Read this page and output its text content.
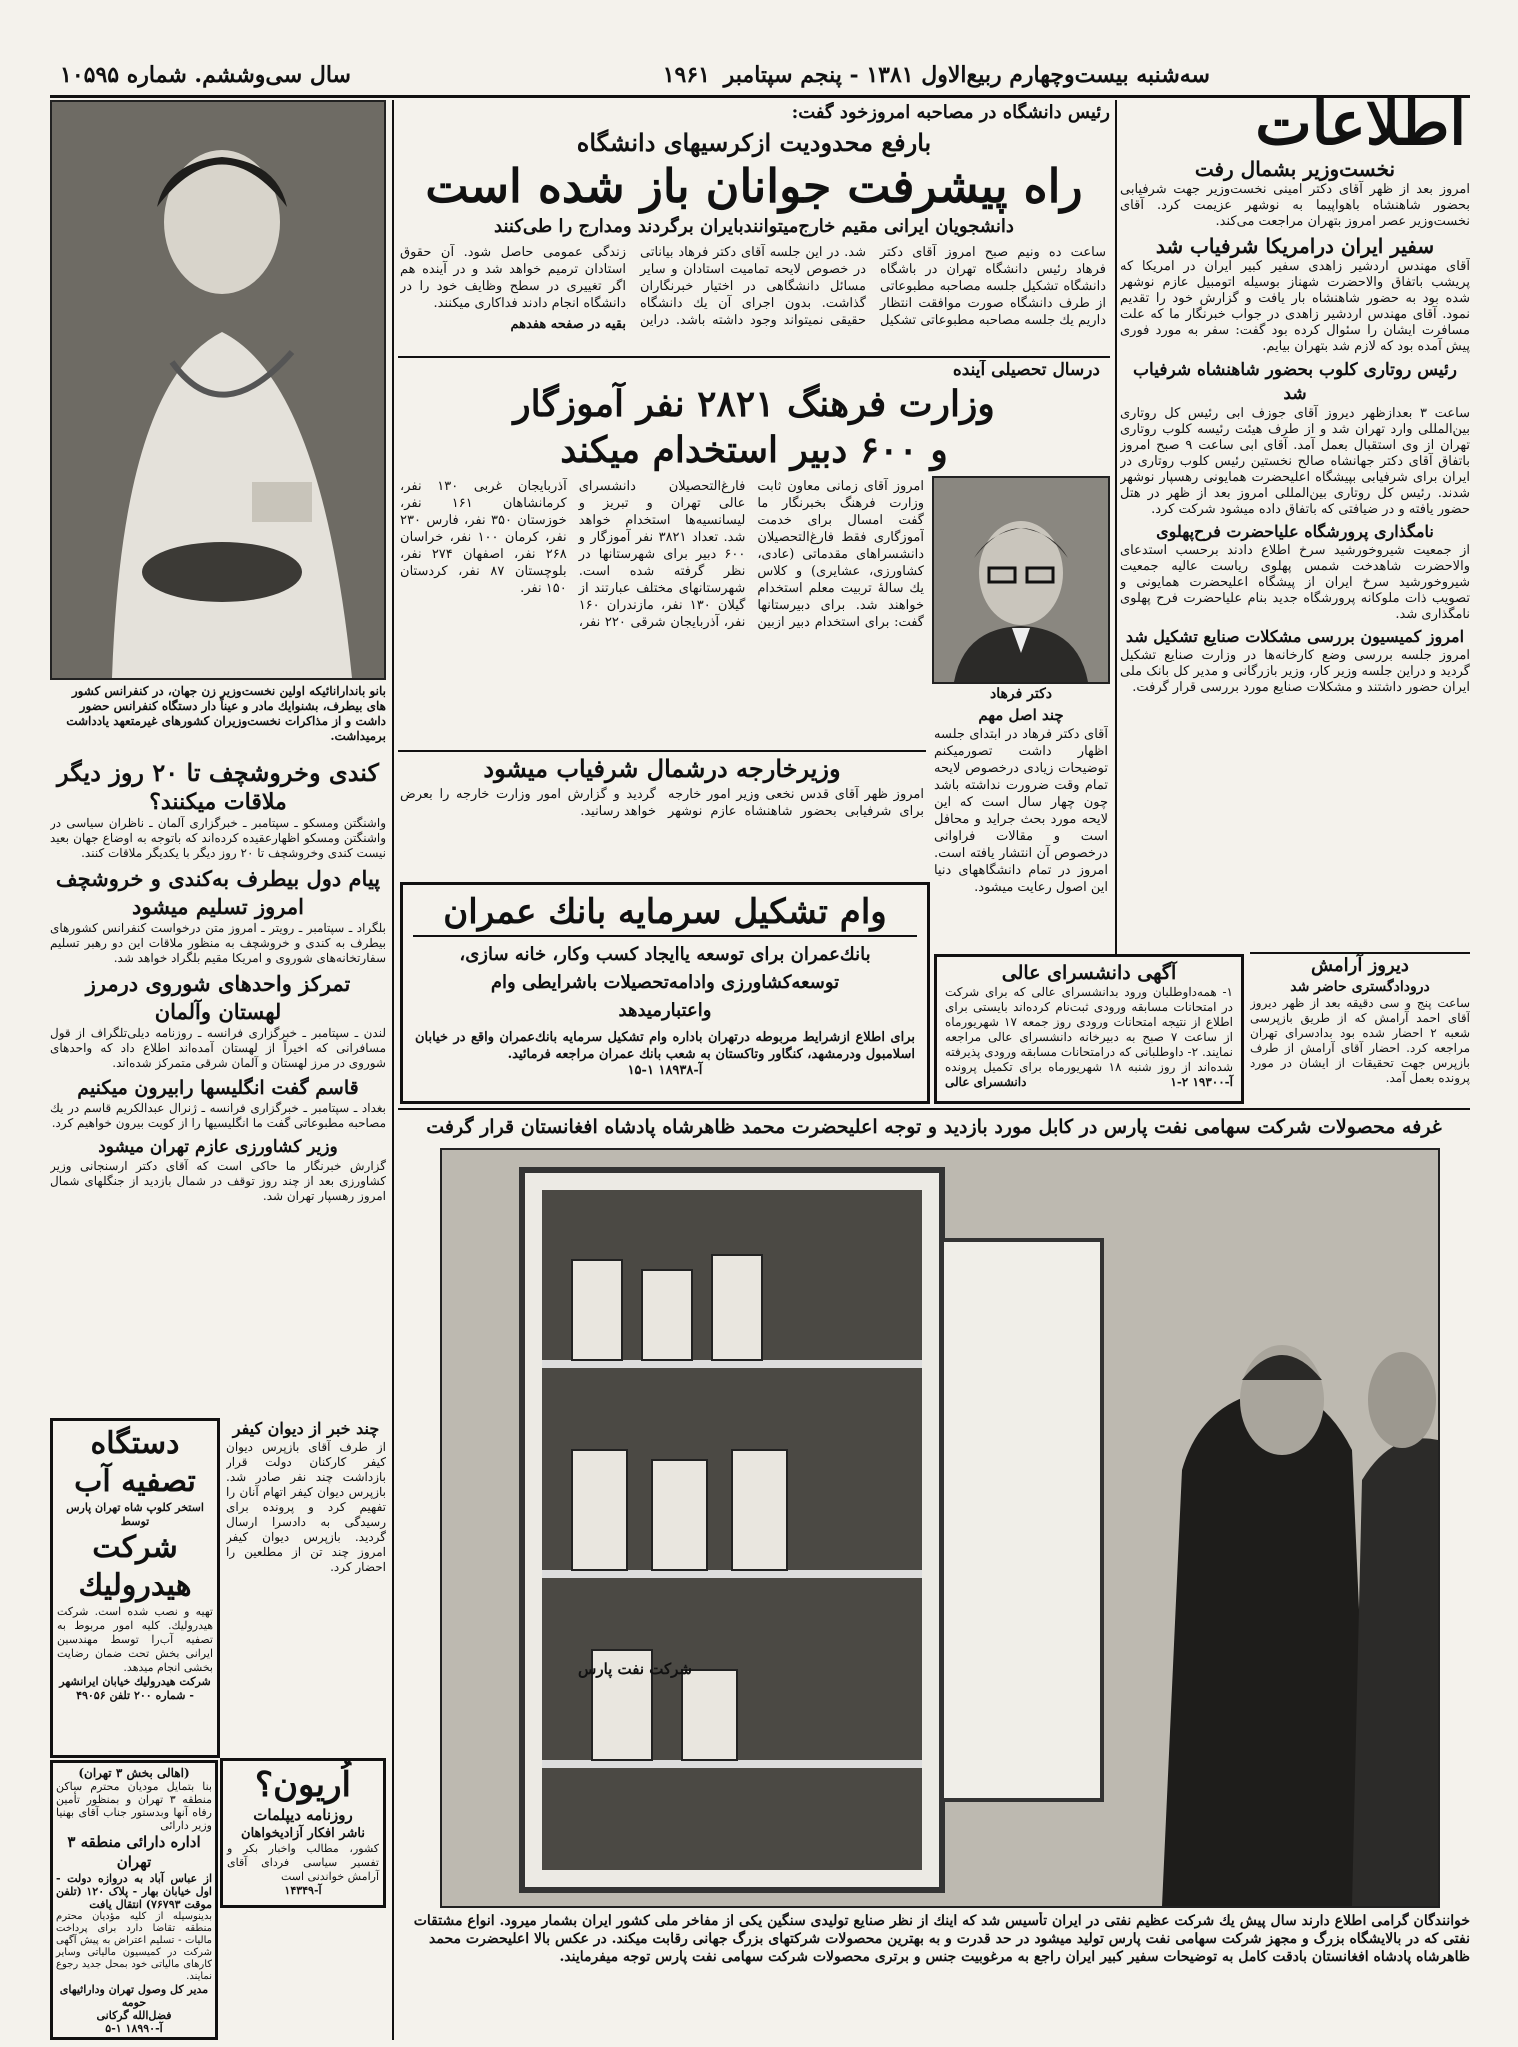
سه‌شنبه بیست‌وچهارم ربیع‌الاول ۱۳۸۱ - پنجم سپتامبر
۱۹۶۱
سال سی‌وششم. شماره ۱۰۵۹۵
اطلاعات
رئیس دانشگاه در مصاحبه امروزخود گفت:
بارفع محدودیت ازکرسیهای دانشگاه
راه پیشرفت جوانان باز شده است
دانشجویان ایرانی مقیم خارج‌میتوانندبایران برگردند ومدارج را طی‌کنند

ساعت ده ونیم صبح امروز آقای دکتر فرهاد رئیس دانشگاه تهران در باشگاه دانشگاه تشکیل جلسه مصاحبه مطبوعاتی از طرف دانشگاه صورت موافقت انتظار داریم یك جلسه مصاحبه مطبوعاتی تشکیل شد. در این جلسه آقای دکتر فرهاد بیاناتی در خصوص لایحه تمامیت استادان و سایر مسائل دانشگاهی در اختیار خبرنگاران گذاشت. بدون اجرای آن یك دانشگاه حقیقی نمیتواند وجود داشته باشد. دراین زندگی عمومی حاصل شود. آن حقوق استادان ترمیم خواهد شد و در آینده هم اگر تغییری در سطح وظایف خود را در دانشگاه انجام دادند فداکاری میکنند.

بقیه در صفحه هفدهم

درسال تحصیلی آینده
وزارت فرهنگ ۲۸۲۱ نفر آموزگار
و ۶۰۰ دبیر استخدام میکند
دکتر فرهاد
چند اصل مهم
آقای دکتر فرهاد در ابتدای جلسه اظهار داشت تصورمیکنم توضیحات زیادی درخصوص لایحه تمام وقت ضرورت نداشته باشد چون چهار سال است که این لایحه مورد بحث جراید و محافل است و مقالات فراوانی درخصوص آن انتشار یافته است. امروز در تمام دانشگاههای دنیا این اصول رعایت میشود.
امروز آقای زمانی معاون ثابت وزارت فرهنگ بخبرنگار ما گفت امسال برای خدمت آموزگاری فقط فارغ‌التحصیلان دانشسراهای مقدماتی (عادی، کشاورزی، عشایری) و کلاس یك سالهٔ تربیت معلم استخدام خواهند شد. برای دبیرستانها گفت: برای استخدام دبیر ازبین فارغ‌التحصیلان دانشسرای عالی تهران و تبریز و لیسانسیه‌ها استخدام خواهد شد. تعداد ۳۸۲۱ نفر آموزگار و ۶۰۰ دبیر برای شهرستانها در نظر گرفته شده است. شهرستانهای مختلف عبارتند از گیلان ۱۳۰ نفر، مازندران ۱۶۰ نفر، آذربایجان شرقی ۲۲۰ نفر، آذربایجان غربی ۱۳۰ نفر، کرمانشاهان ۱۶۱ نفر، خوزستان ۳۵۰ نفر، فارس ۲۳۰ نفر، کرمان ۱۰۰ نفر، خراسان ۲۶۸ نفر، اصفهان ۲۷۴ نفر، بلوچستان ۸۷ نفر، کردستان ۱۵۰ نفر.
وزیرخارجه درشمال شرفیاب میشود
امروز ظهر آقای قدس نخعی وزیر امور خارجه برای شرفیابی بحضور شاهنشاه عازم نوشهر گردید و گزارش امور وزارت خارجه را بعرض خواهد رسانید.
وام تشکیل سرمایه بانك عمران
بانك‌عمران برای توسعه یاایجاد کسب وکار، خانه سازی،
توسعه‌کشاورزی وادامه‌تحصیلات باشرایطی وام
واعتبارمیدهد
برای اطلاع ازشرایط مربوطه درتهران باداره وام تشکیل سرمایه بانك‌عمران واقع در خیابان اسلامبول ودرمشهد، کنگاور وتاکستان به شعب بانك عمران مراجعه فرمائید.
آ-۱۸۹۳۸ ۱-۱۵
آگهی دانشسرای عالی
۱- همه‌داوطلبان ورود بدانشسرای عالی که برای شرکت در امتحانات مسابقه ورودی ثبت‌نام کرده‌اند بایستی برای اطلاع از نتیجه امتحانات ورودی روز جمعه ۱۷ شهریورماه از ساعت ۷ صبح به دبیرخانه دانشسرای عالی مراجعه نمایند. ۲- داوطلبانی که درامتحانات مسابقه ورودی پذیرفته شده‌اند از روز شنبه ۱۸ شهریورماه برای تکمیل پرونده
آ-۱۹۳۰۰ ۲-۱
دانشسرای عالی
نخست‌وزیر بشمال رفت
امروز بعد از ظهر آقای دکتر امینی نخست‌وزیر جهت شرفیابی بحضور شاهنشاه باهواپیما به نوشهر عزیمت کرد. آقای نخست‌وزیر عصر امروز بتهران مراجعت می‌کند.
سفیر ایران درامریکا شرفیاب شد
آقای مهندس اردشیر زاهدی سفیر کبیر ایران در امریکا که پریشب باتفاق والاحضرت شهناز بوسیله اتومبیل عازم نوشهر شده بود به حضور شاهنشاه بار یافت و گزارش خود را تقدیم نمود. آقای مهندس اردشیر زاهدی در جواب خبرنگار ما که علت مسافرت ایشان را سئوال کرده بود گفت: سفر به مورد فوری پیش آمده بود که لازم شد بتهران بیایم.
رئیس روتاری کلوب بحضور شاهنشاه شرفیاب شد
ساعت ۳ بعدازظهر دیروز آقای جوزف ابی رئیس کل روتاری بین‌المللی وارد تهران شد و از طرف هیئت رئیسه کلوب روتاری تهران از وی استقبال بعمل آمد. آقای ابی ساعت ۹ صبح امروز باتفاق آقای دکتر جهانشاه صالح نخستین رئیس کلوب روتاری در ایران برای شرفیابی بپیشگاه اعلیحضرت همایونی رهسپار نوشهر شدند. رئیس کل روتاری بین‌المللی امروز بعد از ظهر در هتل حضور یافته و در ضیافتی که باتفاق داده میشود شرکت کرد.
نامگذاری پرورشگاه علیاحضرت فرح‌پهلوی
از جمعیت شیروخورشید سرخ اطلاع دادند برحسب استدعای والاحضرت شاهدخت شمس پهلوی ریاست عالیه جمعیت شیروخورشید سرخ ایران از پیشگاه اعلیحضرت همایونی و تصویب ذات ملوکانه پرورشگاه جدید بنام علیاحضرت فرح پهلوی نامگذاری شد.
امروز کمیسیون بررسی مشکلات صنایع تشکیل شد
امروز جلسه بررسی وضع کارخانه‌ها در وزارت صنایع تشکیل گردید و دراین جلسه وزیر کار، وزیر بازرگانی و مدیر کل بانک ملی ایران حضور داشتند و مشکلات صنایع مورد بررسی قرار گرفت.
دیروز آرامش
درودادگستری حاضر شد
ساعت پنج و سی دقیقه بعد از ظهر دیروز آقای احمد آرامش که از طریق بازپرسی شعبه ۲ احضار شده بود بدادسرای تهران مراجعه کرد. احضار آقای آرامش از طرف بازپرس جهت تحقیقات از ایشان در مورد پرونده بعمل آمد.
غرفه محصولات شرکت سهامی نفت پارس در کابل مورد بازدید و توجه اعلیحضرت محمد ظاهرشاه پادشاه افغانستان قرار گرفت
شرکت نفت پارس
خوانندگان گرامی اطلاع دارند سال پیش یك شرکت عظیم نفتی در ایران تأسیس شد که اینك از نظر صنایع تولیدی سنگین یکی از مفاخر ملی کشور ایران بشمار میرود. انواع مشتقات نفتی که در بالایشگاه بزرگ و مجهز شرکت سهامی نفت پارس تولید میشود در حد قدرت و به بهترین محصولات شرکتهای بزرگ جهانی رقابت میکند. در عکس بالا اعلیحضرت محمد ظاهرشاه پادشاه افغانستان بادقت کامل به توضیحات سفیر کبیر ایران راجع به مرغوبیت جنس و برتری محصولات شرکت سهامی نفت پارس توجه میفرمایند.
بانو باندارانائیکه اولین نخست‌وزیر زن جهان، در کنفرانس کشور های بیطرف، بشنوایك مادر و عیناً دار دستگاه کنفرانس حضور داشت و از مذاکرات نخست‌وزیران کشورهای غیرمتعهد یادداشت برمیداشت.
کندی وخروشچف تا ۲۰ روز دیگر
ملاقات میکنند؟
واشنگتن ومسکو ـ سپتامبر ـ خبرگزاری آلمان ـ ناظران سیاسی در واشنگتن ومسکو اظهارعقیده کرده‌اند که باتوجه به اوضاع جهان بعید نیست کندی وخروشچف تا ۲۰ روز دیگر با یکدیگر ملاقات کنند.
پیام دول بیطرف به‌کندی و خروشچف
امروز تسلیم میشود
بلگراد ـ سپتامبر ـ رویتر ـ امروز متن درخواست کنفرانس کشورهای بیطرف به کندی و خروشچف به منظور ملاقات این دو رهبر تسلیم سفارتخانه‌های شوروی و امریکا مقیم بلگراد خواهد شد.
تمرکز واحدهای شوروی درمرز
لهستان وآلمان
لندن ـ سپتامبر ـ خبرگزاری فرانسه ـ روزنامه دیلی‌تلگراف از قول مسافرانی که اخیراً از لهستان آمده‌اند اطلاع داد که واحدهای شوروی در مرز لهستان و آلمان شرقی متمرکز شده‌اند.
قاسم گفت انگلیسها رابیرون میکنیم
بغداد ـ سپتامبر ـ خبرگزاری فرانسه ـ ژنرال عبدالکریم قاسم در یك مصاحبه مطبوعاتی گفت ما انگلیسیها را از کویت بیرون خواهیم کرد.
وزیر کشاورزی عازم تهران میشود
گزارش خبرنگار ما حاکی است که آقای دکتر ارسنجانی وزیر کشاورزی بعد از چند روز توقف در شمال بازدید از جنگلهای شمال امروز رهسپار تهران شد.
دستگاه
تصفیه آب
استخر کلوپ شاه تهران پارس توسط
شرکت
هیدرولیك
تهیه و نصب شده است. شرکت هیدرولیك. کلیه امور مربوط به تصفیه آب‌را توسط مهندسین ایرانی بخش تحت ضمان رضایت بخشی انجام میدهد.
شرکت هیدرولیك خیابان ایرانشهر - شماره ۲۰۰ تلفن ۴۹۰۵۶
چند خبر از دیوان کیفر
از طرف آقای بازپرس دیوان کیفر کارکنان دولت قرار بازداشت چند نفر صادر شد. بازپرس دیوان کیفر اتهام آنان را تفهیم کرد و پرونده برای رسیدگی به دادسرا ارسال گردید. بازپرس دیوان کیفر امروز چند تن از مطلعین را احضار کرد.
اُریون؟
روزنامه دیپلمات
ناشر افکار آزادیخواهان
کشور، مطالب واخبار بکر و تفسیر سیاسی فردای آقای آرامش خواندنی است
آ-۱۴۳۴۹
(اهالی بخش ۳ تهران)
بنا بتمایل مودیان محترم ساکن منطقه ۳ تهران و بمنظور تأمین رفاه آنها وبدستور جناب آقای بهنیا وزیر دارائی
اداره دارائی منطقه ۳ تهران
از عباس آباد به دروازه دولت - اول خیابان بهار - پلاک ۱۲۰ (تلفن موقت ۷۶۷۹۳) انتقال یافت
بدینوسیله از کلیه مؤدیان محترم منطقه تقاضا دارد برای پرداخت مالیات - تسلیم اعتراض به پیش آگهی شرکت در کمیسیون مالیاتی وسایر کارهای مالیاتی خود بمحل جدید رجوع نمایند.
مدیر کل وصول تهران وداراثیهای حومه
فضل‌الله گرکانی
آ-۱۸۹۹۰ ۱-۵
